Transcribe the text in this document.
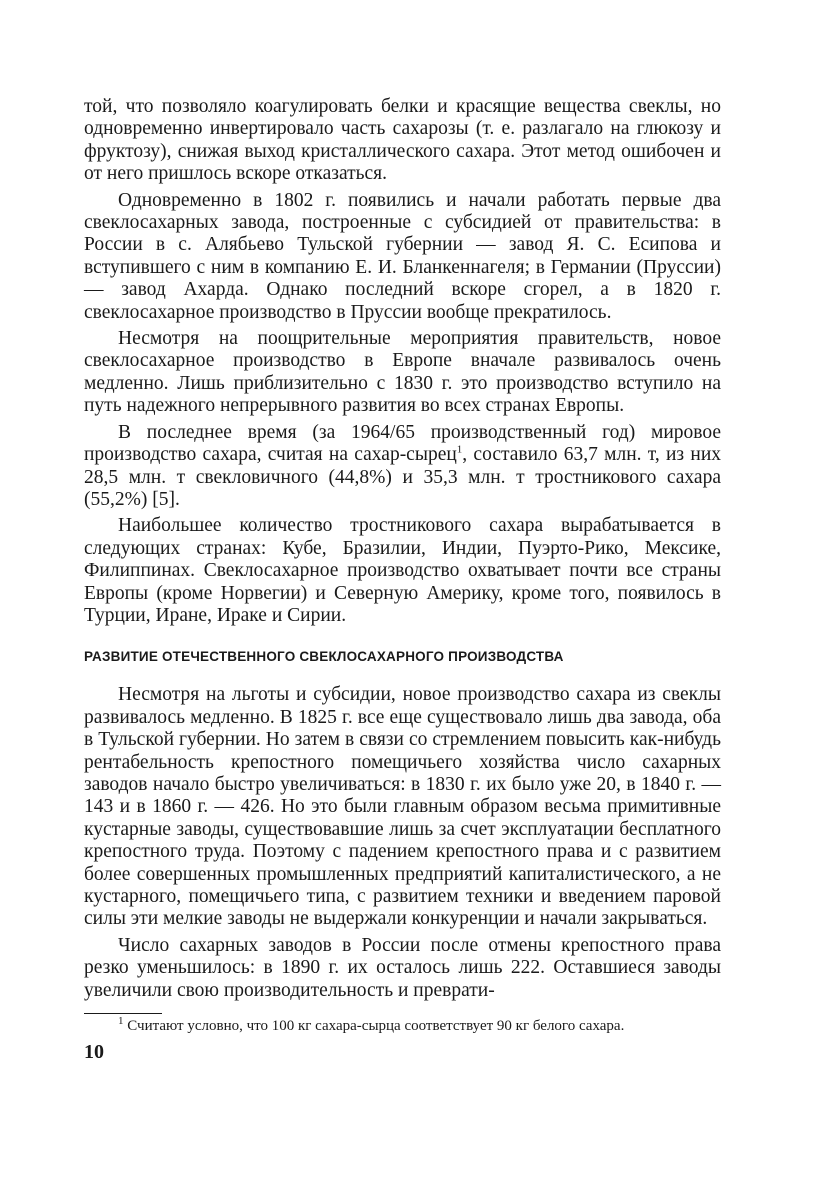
той, что позволяло коагулировать белки и красящие вещества свеклы, но одновременно инвертировало часть сахарозы (т. е. разлагало на глюкозу и фруктозу), снижая выход кристаллического сахара. Этот метод ошибочен и от него пришлось вскоре отказаться.

Одновременно в 1802 г. появились и начали работать первые два свеклосахарных завода, построенные с субсидией от правительства: в России в с. Алябьево Тульской губернии — завод Я. С. Есипова и вступившего с ним в компанию Е. И. Бланкеннагеля; в Германии (Пруссии) — завод Ахарда. Однако последний вскоре сгорел, а в 1820 г. свеклосахарное производство в Пруссии вообще прекратилось.

Несмотря на поощрительные мероприятия правительств, новое свеклосахарное производство в Европе вначале развивалось очень медленно. Лишь приблизительно с 1830 г. это производство вступило на путь надежного непрерывного развития во всех странах Европы.

В последнее время (за 1964/65 производственный год) мировое производство сахара, считая на сахар-сырец$^1$, составило 63,7 млн. т, из них 28,5 млн. т свекловичного (44,8%) и 35,3 млн. т тростникового сахара (55,2%) [5].

Наибольшее количество тростникового сахара вырабатывается в следующих странах: Кубе, Бразилии, Индии, Пуэрто-Рико, Мексике, Филиппинах. Свеклосахарное производство охватывает почти все страны Европы (кроме Норвегии) и Северную Америку, кроме того, появилось в Турции, Иране, Ираке и Сирии.

РАЗВИТИЕ ОТЕЧЕСТВЕННОГО СВЕКЛОСАХАРНОГО ПРОИЗВОДСТВА

Несмотря на льготы и субсидии, новое производство сахара из свеклы развивалось медленно. В 1825 г. все еще существовало лишь два завода, оба в Тульской губернии. Но затем в связи со стремлением повысить как-нибудь рентабельность крепостного помещичьего хозяйства число сахарных заводов начало быстро увеличиваться: в 1830 г. их было уже 20, в 1840 г. — 143 и в 1860 г. — 426. Но это были главным образом весьма примитивные кустарные заводы, существовавшие лишь за счет эксплуатации бесплатного крепостного труда. Поэтому с падением крепостного права и с развитием более совершенных промышленных предприятий капиталистического, а не кустарного, помещичьего типа, с развитием техники и введением паровой силы эти мелкие заводы не выдержали конкуренции и начали закрываться.

Число сахарных заводов в России после отмены крепостного права резко уменьшилось: в 1890 г. их осталось лишь 222. Оставшиеся заводы увеличили свою производительность и преврати-

$^1$ Считают условно, что 100 кг сахара-сырца соответствует 90 кг белого сахара.

10
